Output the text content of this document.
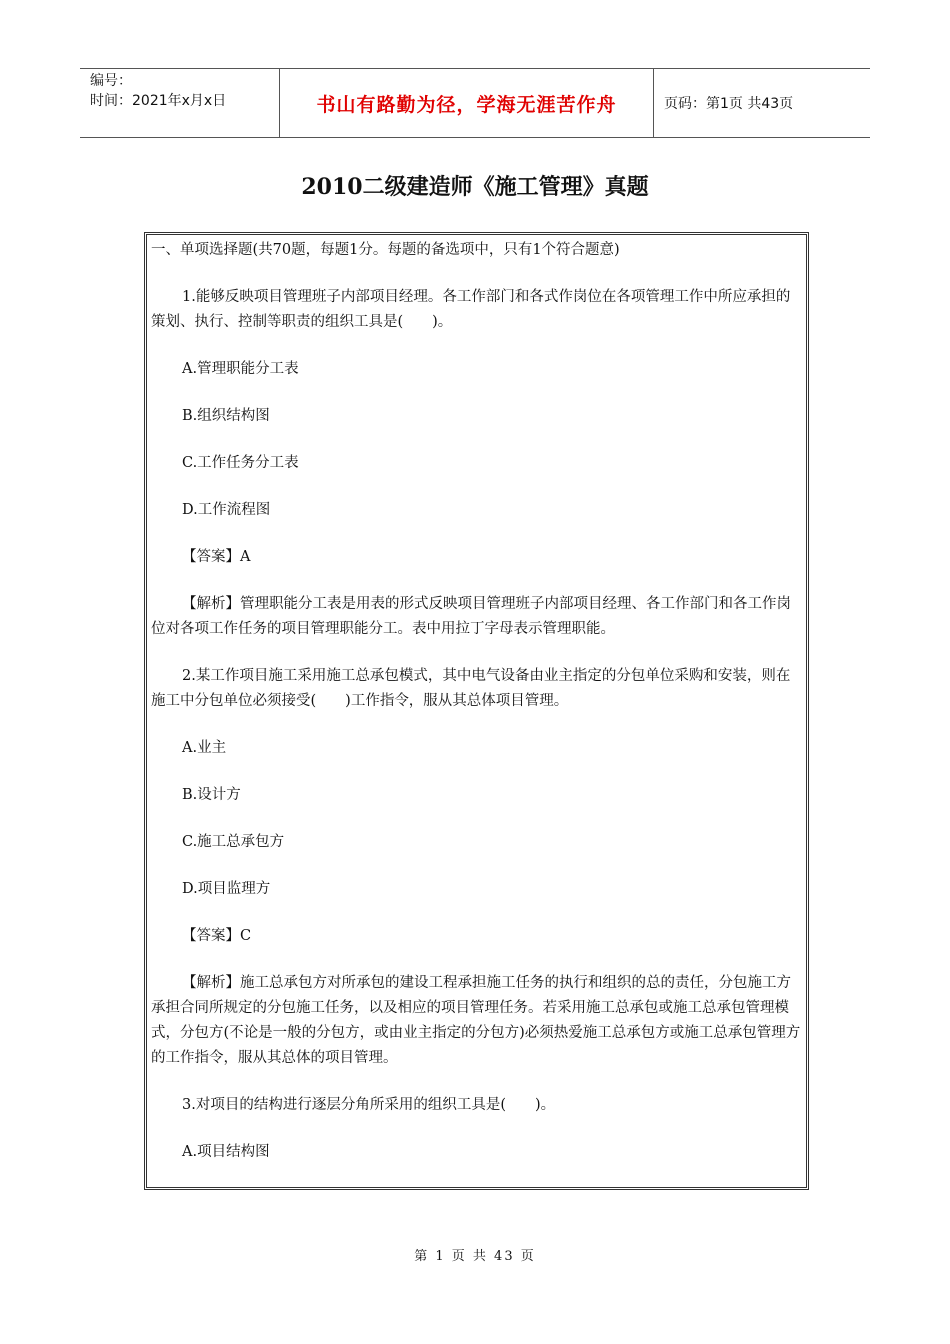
编号：
时间：2021年x月x日	书山有路勤为径，学海无涯苦作舟	页码：第1页 共43页
2010二级建造师《施工管理》真题

一、单项选择题(共70题，每题1分。每题的备选项中，只有1个符合题意)

1.能够反映项目管理班子内部项目经理。各工作部门和各式作岗位在各项管理工作中所应承担的策划、执行、控制等职责的组织工具是(　　)。

A.管理职能分工表

B.组织结构图

C.工作任务分工表

D.工作流程图

【答案】A

【解析】管理职能分工表是用表的形式反映项目管理班子内部项目经理、各工作部门和各工作岗位对各项工作任务的项目管理职能分工。表中用拉丁字母表示管理职能。

2.某工作项目施工采用施工总承包模式，其中电气设备由业主指定的分包单位采购和安装，则在施工中分包单位必须接受(　　)工作指令，服从其总体项目管理。

A.业主

B.设计方

C.施工总承包方

D.项目监理方

【答案】C

【解析】施工总承包方对所承包的建设工程承担施工任务的执行和组织的总的责任，分包施工方承担合同所规定的分包施工任务，以及相应的项目管理任务。若采用施工总承包或施工总承包管理模式，分包方(不论是一般的分包方，或由业主指定的分包方)必须热爱施工总承包方或施工总承包管理方的工作指令，服从其总体的项目管理。

3.对项目的结构进行逐层分角所采用的组织工具是(　　)。

A.项目结构图

第 1 页 共 43 页
